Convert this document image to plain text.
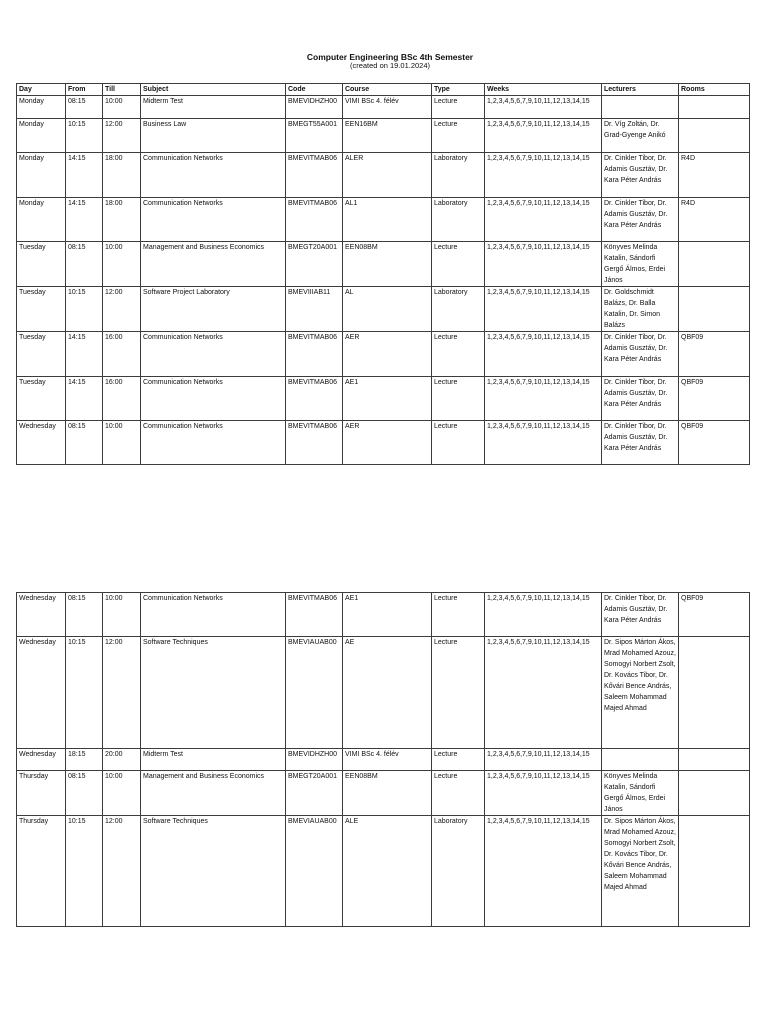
Computer Engineering BSc 4th Semester
(created on 19.01.2024)
Day	From	Till	Subject	Code	Course	Type	Weeks	Lecturers	Rooms
Monday	08:15	10:00	Midterm Test	BMEVIDHZH00	VIMI BSc 4. félév	Lecture	1,2,3,4,5,6,7,9,10,11,12,13,14,15		
Monday	10:15	12:00	Business Law	BMEGT55A001	EEN16BM	Lecture	1,2,3,4,5,6,7,9,10,11,12,13,14,15	Dr. Víg Zoltán, Dr. Grad-Gyenge Anikó	
Monday	14:15	18:00	Communication Networks	BMEVITMAB06	ALER	Laboratory	1,2,3,4,5,6,7,9,10,11,12,13,14,15	Dr. Cinkler Tibor, Dr. Adamis Gusztáv, Dr. Kara Péter András	R4D
Monday	14:15	18:00	Communication Networks	BMEVITMAB06	AL1	Laboratory	1,2,3,4,5,6,7,9,10,11,12,13,14,15	Dr. Cinkler Tibor, Dr. Adamis Gusztáv, Dr. Kara Péter András	R4D
Tuesday	08:15	10:00	Management and Business Economics	BMEGT20A001	EEN08BM	Lecture	1,2,3,4,5,6,7,9,10,11,12,13,14,15	Könyves Melinda Katalin, Sándorfi Gergő Álmos, Erdei János	
Tuesday	10:15	12:00	Software Project Laboratory	BMEVIIIAB11	AL	Laboratory	1,2,3,4,5,6,7,9,10,11,12,13,14,15	Dr. Goldschmidt Balázs, Dr. Balla Katalin, Dr. Simon Balázs	
Tuesday	14:15	16:00	Communication Networks	BMEVITMAB06	AER	Lecture	1,2,3,4,5,6,7,9,10,11,12,13,14,15	Dr. Cinkler Tibor, Dr. Adamis Gusztáv, Dr. Kara Péter András	QBF09
Tuesday	14:15	16:00	Communication Networks	BMEVITMAB06	AE1	Lecture	1,2,3,4,5,6,7,9,10,11,12,13,14,15	Dr. Cinkler Tibor, Dr. Adamis Gusztáv, Dr. Kara Péter András	QBF09
Wednesday	08:15	10:00	Communication Networks	BMEVITMAB06	AER	Lecture	1,2,3,4,5,6,7,9,10,11,12,13,14,15	Dr. Cinkler Tibor, Dr. Adamis Gusztáv, Dr. Kara Péter András	QBF09
Wednesday	08:15	10:00	Communication Networks	BMEVITMAB06	AE1	Lecture	1,2,3,4,5,6,7,9,10,11,12,13,14,15	Dr. Cinkler Tibor, Dr. Adamis Gusztáv, Dr. Kara Péter András	QBF09
Wednesday	10:15	12:00	Software Techniques	BMEVIAUAB00	AE	Lecture	1,2,3,4,5,6,7,9,10,11,12,13,14,15	Dr. Sipos Márton Ákos, Mrad Mohamed Azouz, Somogyi Norbert Zsolt, Dr. Kovács Tibor, Dr. Kővári Bence András, Saleem Mohammad Majed Ahmad	
Wednesday	18:15	20:00	Midterm Test	BMEVIDHZH00	VIMI BSc 4. félév	Lecture	1,2,3,4,5,6,7,9,10,11,12,13,14,15		
Thursday	08:15	10:00	Management and Business Economics	BMEGT20A001	EEN08BM	Lecture	1,2,3,4,5,6,7,9,10,11,12,13,14,15	Könyves Melinda Katalin, Sándorfi Gergő Álmos, Erdei János	
Thursday	10:15	12:00	Software Techniques	BMEVIAUAB00	ALE	Laboratory	1,2,3,4,5,6,7,9,10,11,12,13,14,15	Dr. Sipos Márton Ákos, Mrad Mohamed Azouz, Somogyi Norbert Zsolt, Dr. Kovács Tibor, Dr. Kővári Bence András, Saleem Mohammad Majed Ahmad	
